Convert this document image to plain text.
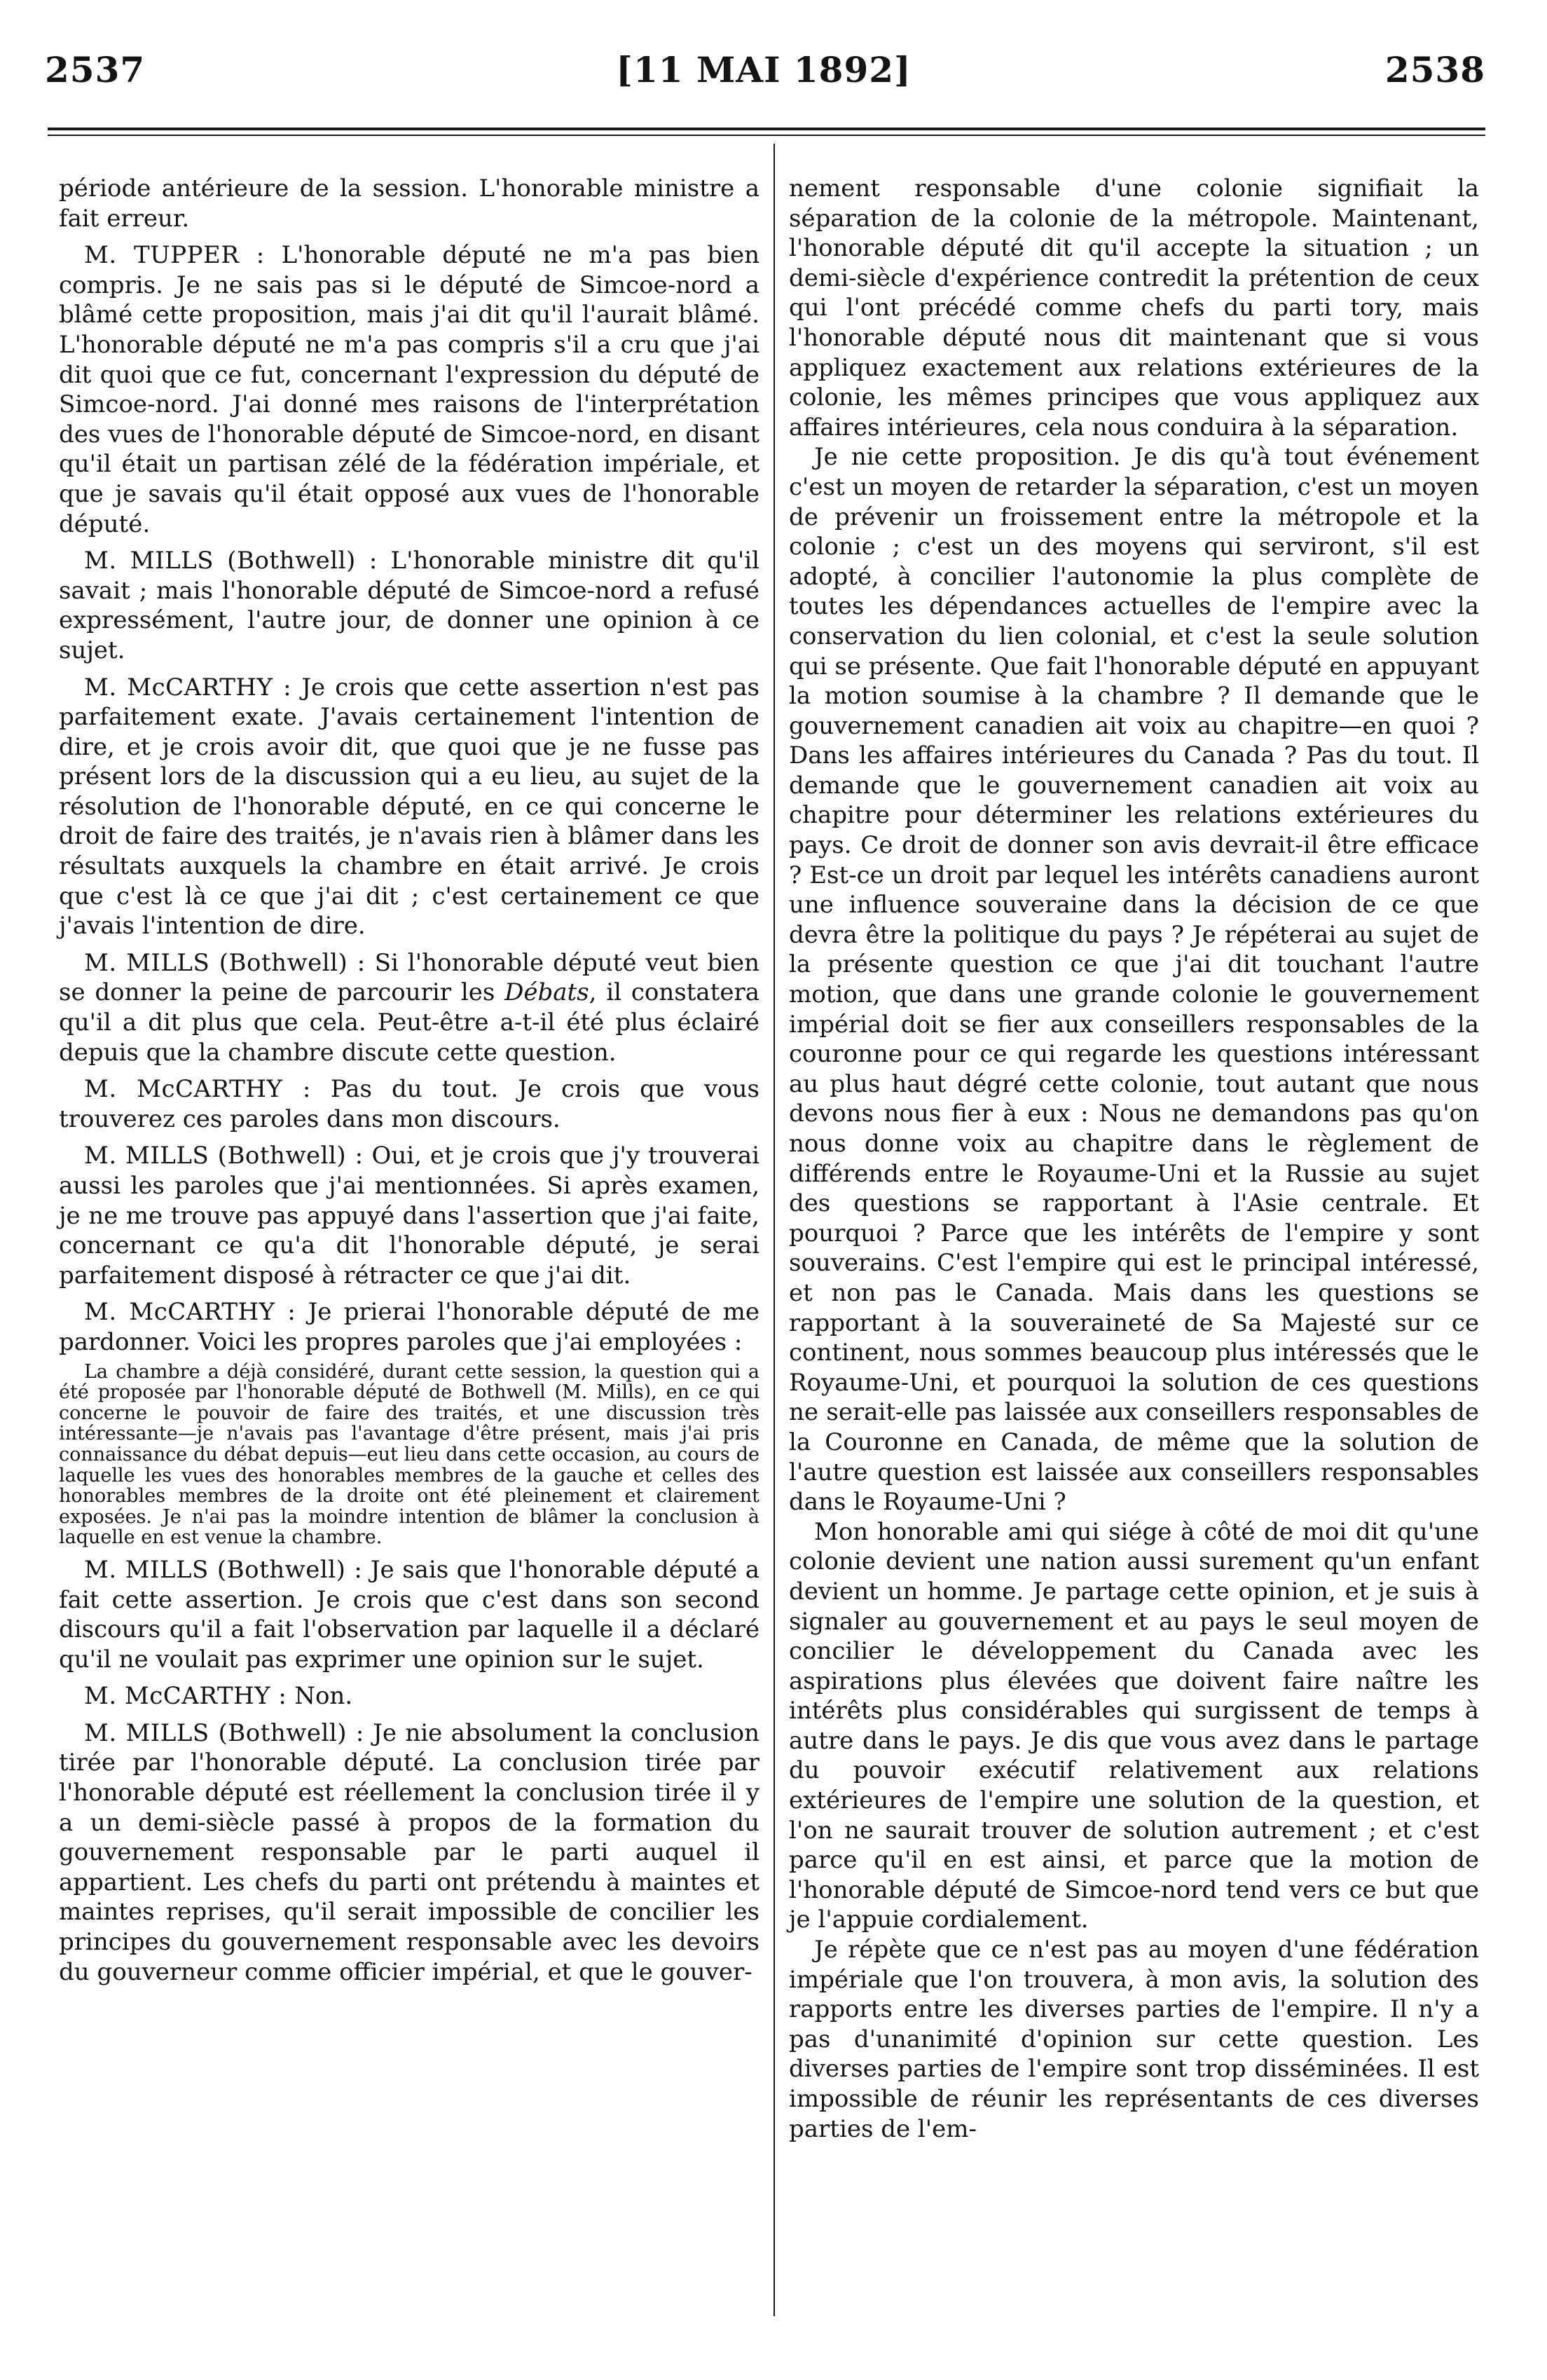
2537	[11 MAI 1892]	2538

période antérieure de la session. L'honorable ministre a fait erreur.

M. TUPPER : L'honorable député ne m'a pas bien compris. Je ne sais pas si le député de Simcoe-nord a blâmé cette proposition, mais j'ai dit qu'il l'aurait blâmé. L'honorable député ne m'a pas compris s'il a cru que j'ai dit quoi que ce fut, concernant l'expression du député de Simcoe-nord. J'ai donné mes raisons de l'interprétation des vues de l'honorable député de Simcoe-nord, en disant qu'il était un partisan zélé de la fédération impériale, et que je savais qu'il était opposé aux vues de l'honorable député.

M. MILLS (Bothwell) : L'honorable ministre dit qu'il savait ; mais l'honorable député de Simcoe-nord a refusé expressément, l'autre jour, de donner une opinion à ce sujet.

M. McCARTHY : Je crois que cette assertion n'est pas parfaitement exate. J'avais certainement l'intention de dire, et je crois avoir dit, que quoi que je ne fusse pas présent lors de la discussion qui a eu lieu, au sujet de la résolution de l'honorable député, en ce qui concerne le droit de faire des traités, je n'avais rien à blâmer dans les résultats auxquels la chambre en était arrivé. Je crois que c'est là ce que j'ai dit ; c'est certainement ce que j'avais l'intention de dire.

M. MILLS (Bothwell) : Si l'honorable député veut bien se donner la peine de parcourir les Débats, il constatera qu'il a dit plus que cela. Peut-être a-t-il été plus éclairé depuis que la chambre discute cette question.

M. McCARTHY : Pas du tout. Je crois que vous trouverez ces paroles dans mon discours.

M. MILLS (Bothwell) : Oui, et je crois que j'y trouverai aussi les paroles que j'ai mentionnées. Si après examen, je ne me trouve pas appuyé dans l'assertion que j'ai faite, concernant ce qu'a dit l'honorable député, je serai parfaitement disposé à rétracter ce que j'ai dit.

M. McCARTHY : Je prierai l'honorable député de me pardonner. Voici les propres paroles que j'ai employées :

La chambre a déjà considéré, durant cette session, la question qui a été proposée par l'honorable député de Bothwell (M. Mills), en ce qui concerne le pouvoir de faire des traités, et une discussion très intéressante—je n'avais pas l'avantage d'être présent, mais j'ai pris connaissance du débat depuis—eut lieu dans cette occasion, au cours de laquelle les vues des honorables membres de la gauche et celles des honorables membres de la droite ont été pleinement et clairement exposées. Je n'ai pas la moindre intention de blâmer la conclusion à laquelle en est venue la chambre.

M. MILLS (Bothwell) : Je sais que l'honorable député a fait cette assertion. Je crois que c'est dans son second discours qu'il a fait l'observation par laquelle il a déclaré qu'il ne voulait pas exprimer une opinion sur le sujet.

M. McCARTHY : Non.

M. MILLS (Bothwell) : Je nie absolument la conclusion tirée par l'honorable député. La conclusion tirée par l'honorable député est réellement la conclusion tirée il y a un demi-siècle passé à propos de la formation du gouvernement responsable par le parti auquel il appartient. Les chefs du parti ont prétendu à maintes et maintes reprises, qu'il serait impossible de concilier les principes du gouvernement responsable avec les devoirs du gouverneur comme officier impérial, et que le gouver-

nement responsable d'une colonie signifiait la séparation de la colonie de la métropole. Maintenant, l'honorable député dit qu'il accepte la situation ; un demi-siècle d'expérience contredit la prétention de ceux qui l'ont précédé comme chefs du parti tory, mais l'honorable député nous dit maintenant que si vous appliquez exactement aux relations extérieures de la colonie, les mêmes principes que vous appliquez aux affaires intérieures, cela nous conduira à la séparation.

Je nie cette proposition. Je dis qu'à tout événement c'est un moyen de retarder la séparation, c'est un moyen de prévenir un froissement entre la métropole et la colonie ; c'est un des moyens qui serviront, s'il est adopté, à concilier l'autonomie la plus complète de toutes les dépendances actuelles de l'empire avec la conservation du lien colonial, et c'est la seule solution qui se présente. Que fait l'honorable député en appuyant la motion soumise à la chambre ? Il demande que le gouvernement canadien ait voix au chapitre—en quoi ? Dans les affaires intérieures du Canada ? Pas du tout. Il demande que le gouvernement canadien ait voix au chapitre pour déterminer les relations extérieures du pays. Ce droit de donner son avis devrait-il être efficace ? Est-ce un droit par lequel les intérêts canadiens auront une influence souveraine dans la décision de ce que devra être la politique du pays ? Je répéterai au sujet de la présente question ce que j'ai dit touchant l'autre motion, que dans une grande colonie le gouvernement impérial doit se fier aux conseillers responsables de la couronne pour ce qui regarde les questions intéressant au plus haut dégré cette colonie, tout autant que nous devons nous fier à eux : Nous ne demandons pas qu'on nous donne voix au chapitre dans le règlement de différends entre le Royaume-Uni et la Russie au sujet des questions se rapportant à l'Asie centrale. Et pourquoi ? Parce que les intérêts de l'empire y sont souverains. C'est l'empire qui est le principal intéressé, et non pas le Canada. Mais dans les questions se rapportant à la souveraineté de Sa Majesté sur ce continent, nous sommes beaucoup plus intéressés que le Royaume-Uni, et pourquoi la solution de ces questions ne serait-elle pas laissée aux conseillers responsables de la Couronne en Canada, de même que la solution de l'autre question est laissée aux conseillers responsables dans le Royaume-Uni ?

Mon honorable ami qui siége à côté de moi dit qu'une colonie devient une nation aussi surement qu'un enfant devient un homme. Je partage cette opinion, et je suis à signaler au gouvernement et au pays le seul moyen de concilier le développement du Canada avec les aspirations plus élevées que doivent faire naître les intérêts plus considérables qui surgissent de temps à autre dans le pays. Je dis que vous avez dans le partage du pouvoir exécutif relativement aux relations extérieures de l'empire une solution de la question, et l'on ne saurait trouver de solution autrement ; et c'est parce qu'il en est ainsi, et parce que la motion de l'honorable député de Simcoe-nord tend vers ce but que je l'appuie cordialement.

Je répète que ce n'est pas au moyen d'une fédération impériale que l'on trouvera, à mon avis, la solution des rapports entre les diverses parties de l'empire. Il n'y a pas d'unanimité d'opinion sur cette question. Les diverses parties de l'empire sont trop disséminées. Il est impossible de réunir les représentants de ces diverses parties de l'em-
